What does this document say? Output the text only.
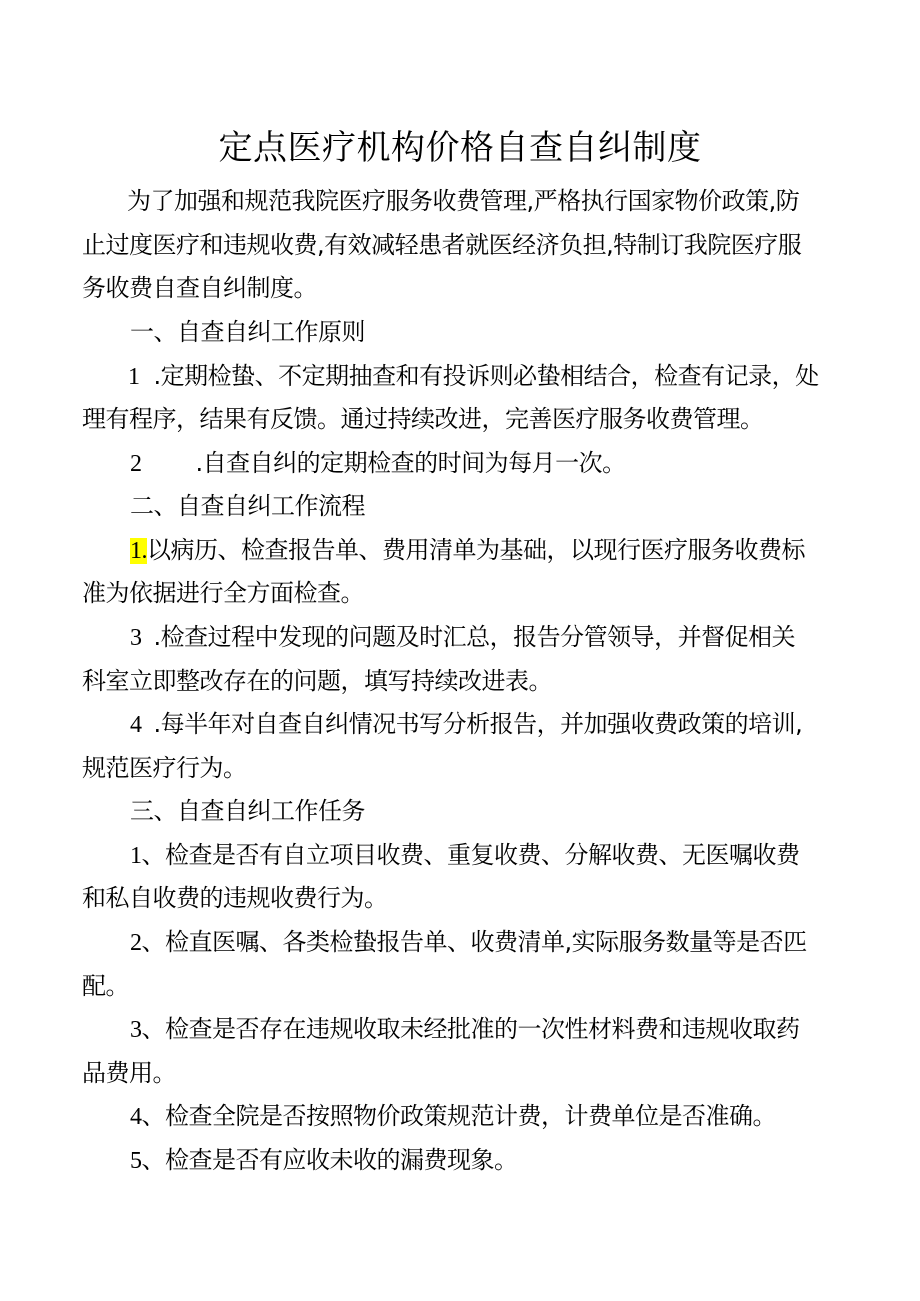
定点医疗机构价格自查自纠制度
为了加强和规范我院医疗服务收费管理,严格执行国家物价政策,防
止过度医疗和违规收费,有效减轻患者就医经济负担,特制订我院医疗服
务收费自查自纠制度。
一、自查自纠工作原则
1 .定期检蛰、不定期抽查和有投诉则必蛰相结合，检查有记录，处
理有程序，结果有反馈。通过持续改进，完善医疗服务收费管理。
2 .自查自纠的定期检查的时间为每月一次。
二、自查自纠工作流程
1.以病历、检查报告单、费用清单为基础，以现行医疗服务收费标
准为依据进行全方面检查。
3 .检查过程中发现的问题及时汇总，报告分管领导，并督促相关
科室立即整改存在的问题，填写持续改进表。
4 .每半年对自查自纠情况书写分析报告，并加强收费政策的培训,
规范医疗行为。
三、自查自纠工作任务
1、检查是否有自立项目收费、重复收费、分解收费、无医嘱收费
和私自收费的违规收费行为。
2、检直医嘱、各类检蛰报告单、收费清单,实际服务数量等是否匹
配。
3、检查是否存在违规收取未经批准的一次性材料费和违规收取药
品费用。
4、检查全院是否按照物价政策规范计费，计费单位是否准确。
5、检查是否有应收未收的漏费现象。
